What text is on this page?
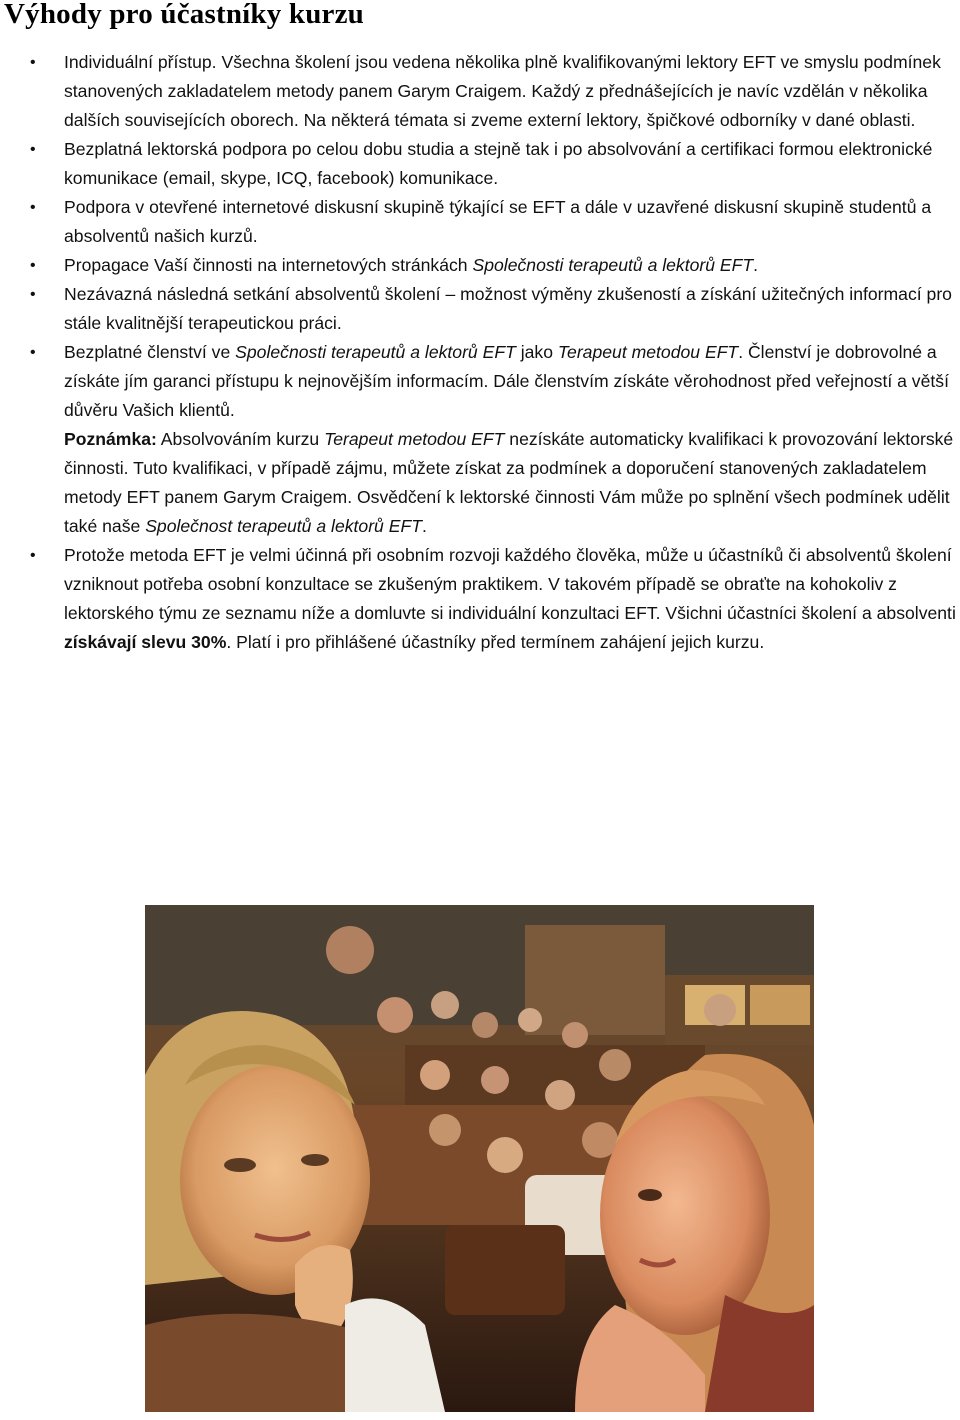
Výhody pro účastníky kurzu
• Individuální přístup. Všechna školení jsou vedena několika plně kvalifikovanými lektory EFT ve smyslu podmínek stanovených zakladatelem metody panem Garym Craigem. Každý z přednášejících je navíc vzdělán v několika dalších souvisejících oborech. Na některá témata si zveme externí lektory, špičkové odborníky v dané oblasti.
• Bezplatná lektorská podpora po celou dobu studia a stejně tak i po absolvování a certifikaci formou elektronické komunikace (email, skype, ICQ, facebook) komunikace.
• Podpora v otevřené internetové diskusní skupině týkající se EFT a dále v uzavřené diskusní skupině studentů a absolventů našich kurzů.
• Propagace Vaší činnosti na internetových stránkách Společnosti terapeutů a lektorů EFT.
• Nezávazná následná setkání absolventů školení – možnost výměny zkušeností a získání užitečných informací pro stále kvalitnější terapeutickou práci.
• Bezplatné členství ve Společnosti terapeutů a lektorů EFT jako Terapeut metodou EFT. Členství je dobrovolné a získáte jím garanci přístupu k nejnovějším informacím. Dále členstvím získáte věrohodnost před veřejností a větší důvěru Vašich klientů.
Poznámka: Absolvováním kurzu Terapeut metodou EFT nezískáte automaticky kvalifikaci k provozování lektorské činnosti. Tuto kvalifikaci, v případě zájmu, můžete získat za podmínek a doporučení stanovených zakladatelem metody EFT panem Garym Craigem. Osvědčení k lektorské činnosti Vám může po splnění všech podmínek udělit také naše Společnost terapeutů a lektorů EFT.
• Protože metoda EFT je velmi účinná při osobním rozvoji každého člověka, může u účastníků či absolventů školení vzniknout potřeba osobní konzultace se zkušeným praktikem. V takovém případě se obraťte na kohokoliv z lektorského týmu ze seznamu níže a domluvte si individuální konzultaci EFT. Všichni účastníci školení a absolventi získávají slevu 30%. Platí i pro přihlášené účastníky před termínem zahájení jejich kurzu.
